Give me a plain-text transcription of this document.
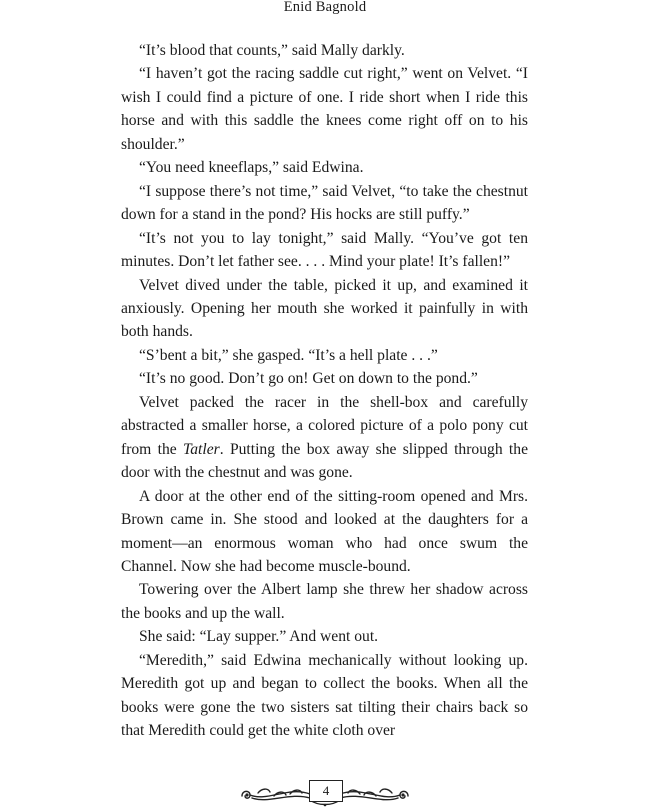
Enid Bagnold

“It’s blood that counts,” said Mally darkly.

“I haven’t got the racing saddle cut right,” went on Velvet. “I wish I could find a picture of one. I ride short when I ride this horse and with this saddle the knees come right off on to his shoulder.”

“You need kneeflaps,” said Edwina.

“I suppose there’s not time,” said Velvet, “to take the chestnut down for a stand in the pond? His hocks are still puffy.”

“It’s not you to lay tonight,” said Mally. “You’ve got ten minutes. Don’t let father see. . . . Mind your plate! It’s fallen!”

Velvet dived under the table, picked it up, and examined it anxiously. Opening her mouth she worked it painfully in with both hands.

“S’bent a bit,” she gasped. “It’s a hell plate . . .”

“It’s no good. Don’t go on! Get on down to the pond.”

Velvet packed the racer in the shell-box and carefully abstracted a smaller horse, a colored picture of a polo pony cut from the Tatler. Putting the box away she slipped through the door with the chestnut and was gone.

A door at the other end of the sitting-room opened and Mrs. Brown came in. She stood and looked at the daughters for a moment—an enormous woman who had once swum the Channel. Now she had become muscle-bound.

Towering over the Albert lamp she threw her shadow across the books and up the wall.

She said: “Lay supper.” And went out.

“Meredith,” said Edwina mechanically without looking up. Meredith got up and began to collect the books. When all the books were gone the two sisters sat tilting their chairs back so that Meredith could get the white cloth over

4
